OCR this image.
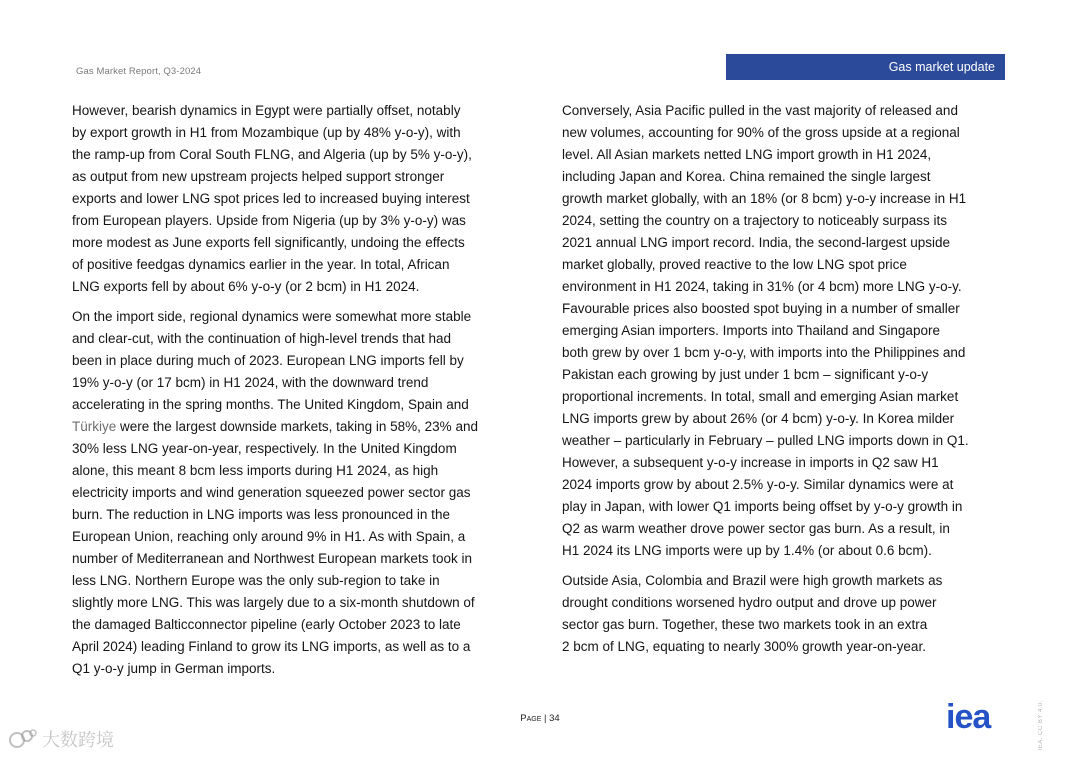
Gas Market Report, Q3-2024	Gas market update

However, bearish dynamics in Egypt were partially offset, notably
by export growth in H1 from Mozambique (up by 48% y-o-y), with
the ramp-up from Coral South FLNG, and Algeria (up by 5% y-o-y),
as output from new upstream projects helped support stronger
exports and lower LNG spot prices led to increased buying interest
from European players. Upside from Nigeria (up by 3% y-o-y) was
more modest as June exports fell significantly, undoing the effects
of positive feedgas dynamics earlier in the year. In total, African
LNG exports fell by about 6% y-o-y (or 2 bcm) in H1 2024.

On the import side, regional dynamics were somewhat more stable
and clear-cut, with the continuation of high-level trends that had
been in place during much of 2023. European LNG imports fell by
19% y-o-y (or 17 bcm) in H1 2024, with the downward trend
accelerating in the spring months. The United Kingdom, Spain and
Türkiye were the largest downside markets, taking in 58%, 23% and
30% less LNG year-on-year, respectively. In the United Kingdom
alone, this meant 8 bcm less imports during H1 2024, as high
electricity imports and wind generation squeezed power sector gas
burn. The reduction in LNG imports was less pronounced in the
European Union, reaching only around 9% in H1. As with Spain, a
number of Mediterranean and Northwest European markets took in
less LNG. Northern Europe was the only sub-region to take in
slightly more LNG. This was largely due to a six-month shutdown of
the damaged Balticconnector pipeline (early October 2023 to late
April 2024) leading Finland to grow its LNG imports, as well as to a
Q1 y-o-y jump in German imports.

Conversely, Asia Pacific pulled in the vast majority of released and
new volumes, accounting for 90% of the gross upside at a regional
level. All Asian markets netted LNG import growth in H1 2024,
including Japan and Korea. China remained the single largest
growth market globally, with an 18% (or 8 bcm) y-o-y increase in H1
2024, setting the country on a trajectory to noticeably surpass its
2021 annual LNG import record. India, the second-largest upside
market globally, proved reactive to the low LNG spot price
environment in H1 2024, taking in 31% (or 4 bcm) more LNG y-o-y.
Favourable prices also boosted spot buying in a number of smaller
emerging Asian importers. Imports into Thailand and Singapore
both grew by over 1 bcm y-o-y, with imports into the Philippines and
Pakistan each growing by just under 1 bcm – significant y-o-y
proportional increments. In total, small and emerging Asian market
LNG imports grew by about 26% (or 4 bcm) y-o-y. In Korea milder
weather – particularly in February – pulled LNG imports down in Q1.
However, a subsequent y-o-y increase in imports in Q2 saw H1
2024 imports grow by about 2.5% y-o-y. Similar dynamics were at
play in Japan, with lower Q1 imports being offset by y-o-y growth in
Q2 as warm weather drove power sector gas burn. As a result, in
H1 2024 its LNG imports were up by 1.4% (or about 0.6 bcm).

Outside Asia, Colombia and Brazil were high growth markets as
drought conditions worsened hydro output and drove up power
sector gas burn. Together, these two markets took in an extra
2 bcm of LNG, equating to nearly 300% growth year-on-year.

Page | 34	iea	IEA. CC BY 4.0.
大数跨境
